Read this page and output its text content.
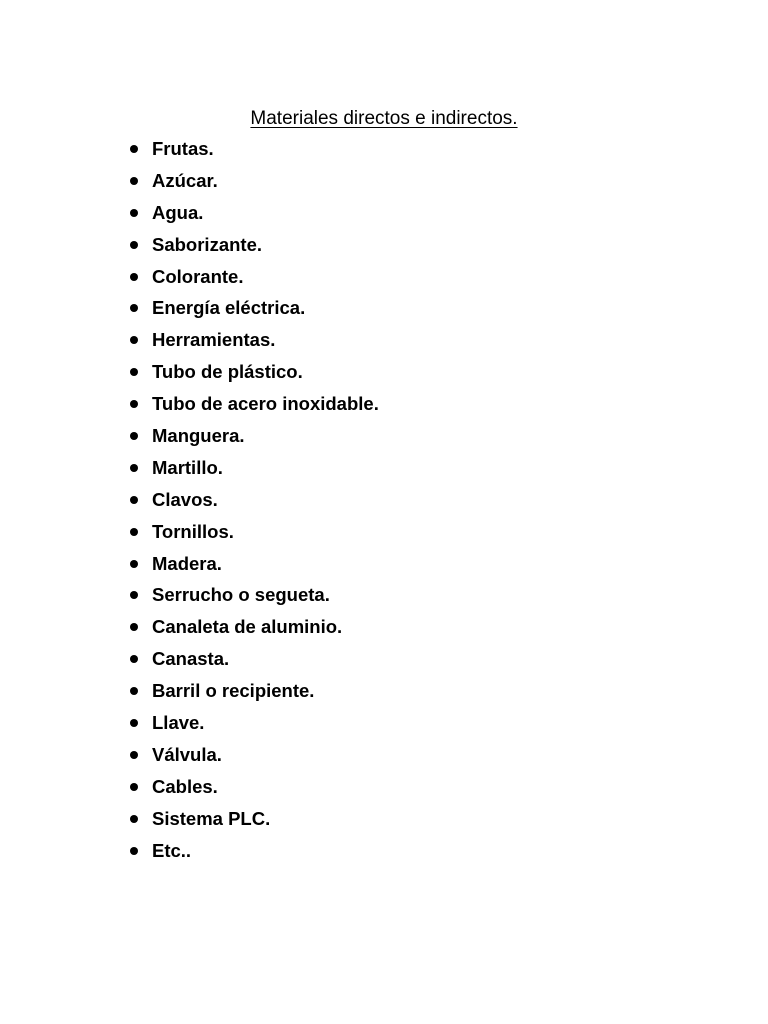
Materiales directos e indirectos.
Frutas.
Azúcar.
Agua.
Saborizante.
Colorante.
Energía eléctrica.
Herramientas.
Tubo de plástico.
Tubo de acero inoxidable.
Manguera.
Martillo.
Clavos.
Tornillos.
Madera.
Serrucho o segueta.
Canaleta de aluminio.
Canasta.
Barril o recipiente.
Llave.
Válvula.
Cables.
Sistema PLC.
Etc..
